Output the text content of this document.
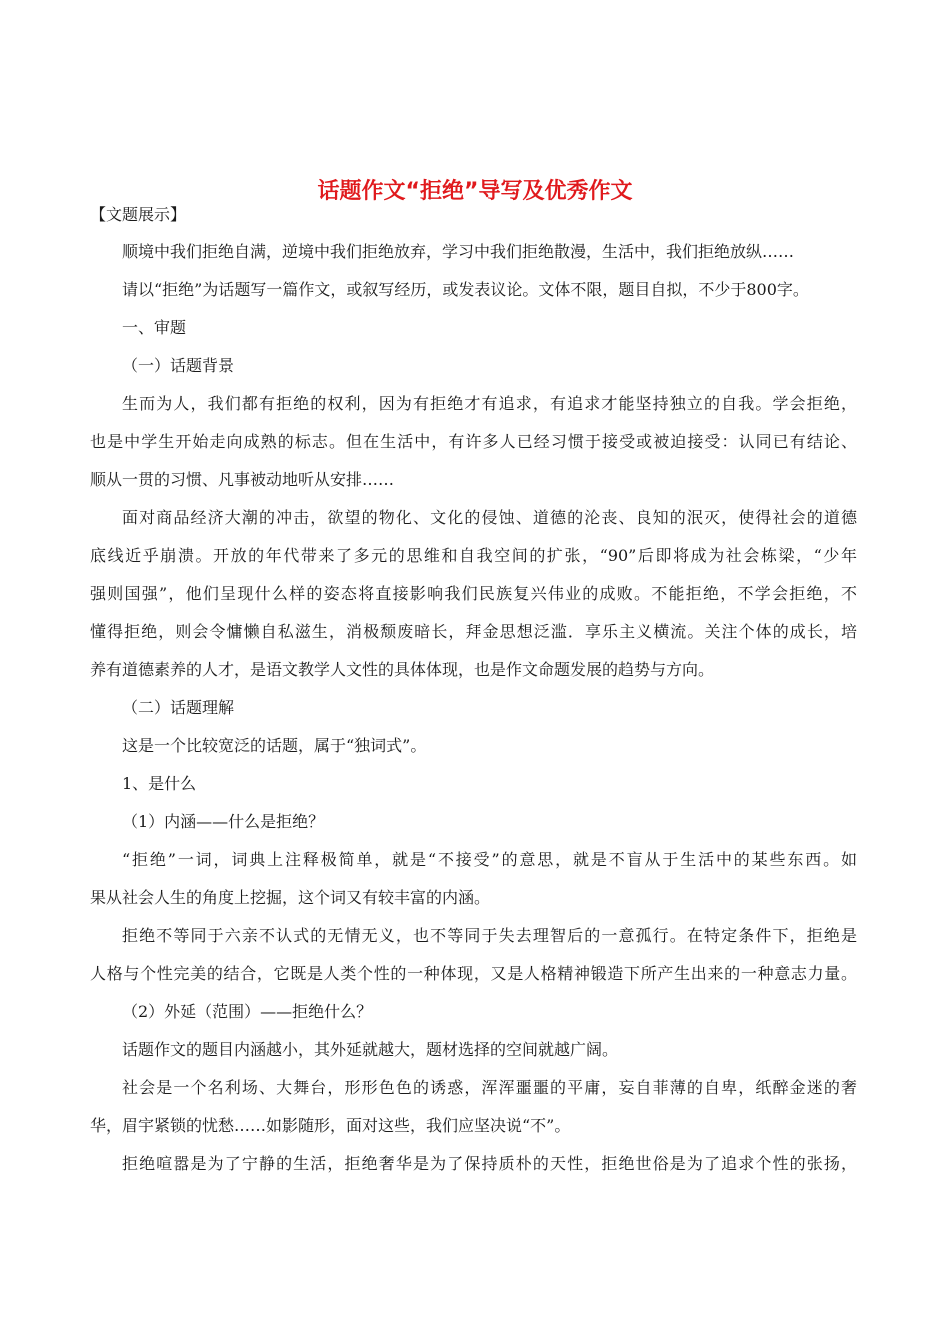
话题作文“拒绝”导写及优秀作文
【文题展示】
顺境中我们拒绝自满，逆境中我们拒绝放弃，学习中我们拒绝散漫，生活中，我们拒绝放纵……
请以“拒绝”为话题写一篇作文，或叙写经历，或发表议论。文体不限，题目自拟，不少于800字。
一、审题
（一）话题背景
生而为人，我们都有拒绝的权利，因为有拒绝才有追求，有追求才能坚持独立的自我。学会拒绝，
也是中学生开始走向成熟的标志。但在生活中，有许多人已经习惯于接受或被迫接受：认同已有结论、
顺从一贯的习惯、凡事被动地听从安排……
面对商品经济大潮的冲击，欲望的物化、文化的侵蚀、道德的沦丧、良知的泯灭，使得社会的道德
底线近乎崩溃。开放的年代带来了多元的思维和自我空间的扩张，“90”后即将成为社会栋梁，“少年
强则国强”，他们呈现什么样的姿态将直接影响我们民族复兴伟业的成败。不能拒绝，不学会拒绝，不
懂得拒绝，则会令慵懒自私滋生，消极颓废暗长，拜金思想泛滥．享乐主义横流。关注个体的成长，培
养有道德素养的人才，是语文教学人文性的具体体现，也是作文命题发展的趋势与方向。
（二）话题理解
这是一个比较宽泛的话题，属于“独词式”。
1、是什么
（1）内涵——什么是拒绝？
“拒绝”一词，词典上注释极简单，就是“不接受”的意思，就是不盲从于生活中的某些东西。如
果从社会人生的角度上挖掘，这个词又有较丰富的内涵。
拒绝不等同于六亲不认式的无情无义，也不等同于失去理智后的一意孤行。在特定条件下，拒绝是
人格与个性完美的结合，它既是人类个性的一种体现，又是人格精神锻造下所产生出来的一种意志力量。
（2）外延（范围）——拒绝什么？
话题作文的题目内涵越小，其外延就越大，题材选择的空间就越广阔。
社会是一个名利场、大舞台，形形色色的诱惑，浑浑噩噩的平庸，妄自菲薄的自卑，纸醉金迷的奢
华，眉宇紧锁的忧愁……如影随形，面对这些，我们应坚决说“不”。
拒绝喧嚣是为了宁静的生活，拒绝奢华是为了保持质朴的天性，拒绝世俗是为了追求个性的张扬，
